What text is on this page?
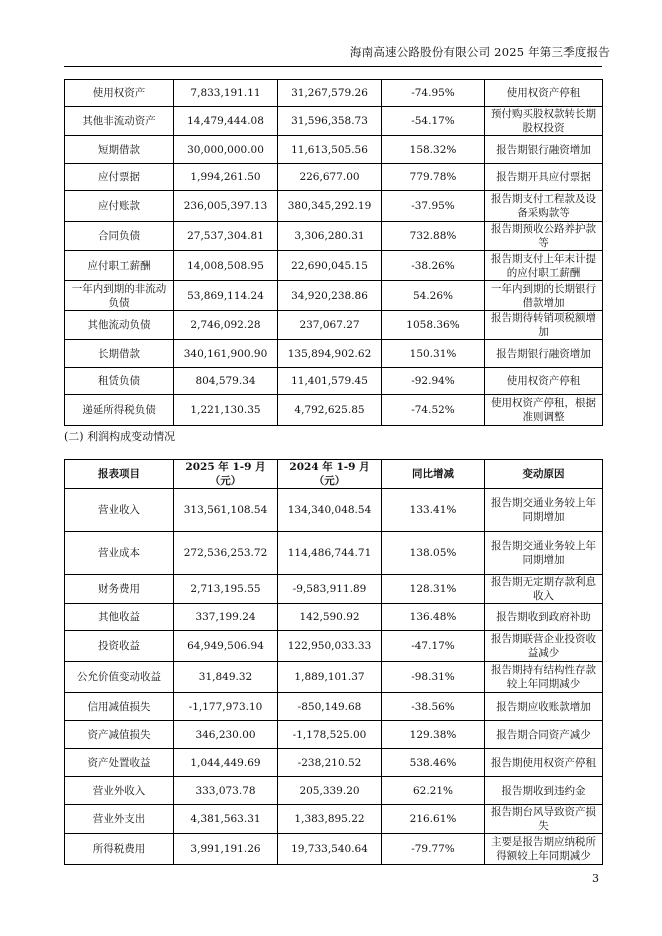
海南高速公路股份有限公司 2025 年第三季度报告
使用权资产	7,833,191.11	31,267,579.26	-74.95%	使用权资产停租
其他非流动资产	14,479,444.08	31,596,358.73	-54.17%	预付购买股权款转长期股权投资
短期借款	30,000,000.00	11,613,505.56	158.32%	报告期银行融资增加
应付票据	1,994,261.50	226,677.00	779.78%	报告期开具应付票据
应付账款	236,005,397.13	380,345,292.19	-37.95%	报告期支付工程款及设备采购款等
合同负债	27,537,304.81	3,306,280.31	732.88%	报告期预收公路养护款等
应付职工薪酬	14,008,508.95	22,690,045.15	-38.26%	报告期支付上年末计提的应付职工薪酬
一年内到期的非流动负债	53,869,114.24	34,920,238.86	54.26%	一年内到期的长期银行借款增加
其他流动负债	2,746,092.28	237,067.27	1058.36%	报告期待转销项税额增加
长期借款	340,161,900.90	135,894,902.62	150.31%	报告期银行融资增加
租赁负债	804,579.34	11,401,579.45	-92.94%	使用权资产停租
递延所得税负债	1,221,130.35	4,792,625.85	-74.52%	使用权资产停租，根据准则调整
(二) 利润构成变动情况
报表项目	2025 年 1-9 月（元）	2024 年 1-9 月（元）	同比增减	变动原因
营业收入	313,561,108.54	134,340,048.54	133.41%	报告期交通业务较上年同期增加
营业成本	272,536,253.72	114,486,744.71	138.05%	报告期交通业务较上年同期增加
财务费用	2,713,195.55	-9,583,911.89	128.31%	报告期无定期存款利息收入
其他收益	337,199.24	142,590.92	136.48%	报告期收到政府补助
投资收益	64,949,506.94	122,950,033.33	-47.17%	报告期联营企业投资收益减少
公允价值变动收益	31,849.32	1,889,101.37	-98.31%	报告期持有结构性存款较上年同期减少
信用减值损失	-1,177,973.10	-850,149.68	-38.56%	报告期应收账款增加
资产减值损失	346,230.00	-1,178,525.00	129.38%	报告期合同资产减少
资产处置收益	1,044,449.69	-238,210.52	538.46%	报告期使用权资产停租
营业外收入	333,073.78	205,339.20	62.21%	报告期收到违约金
营业外支出	4,381,563.31	1,383,895.22	216.61%	报告期台风导致资产损失
所得税费用	3,991,191.26	19,733,540.64	-79.77%	主要是报告期应纳税所得额较上年同期减少
3
